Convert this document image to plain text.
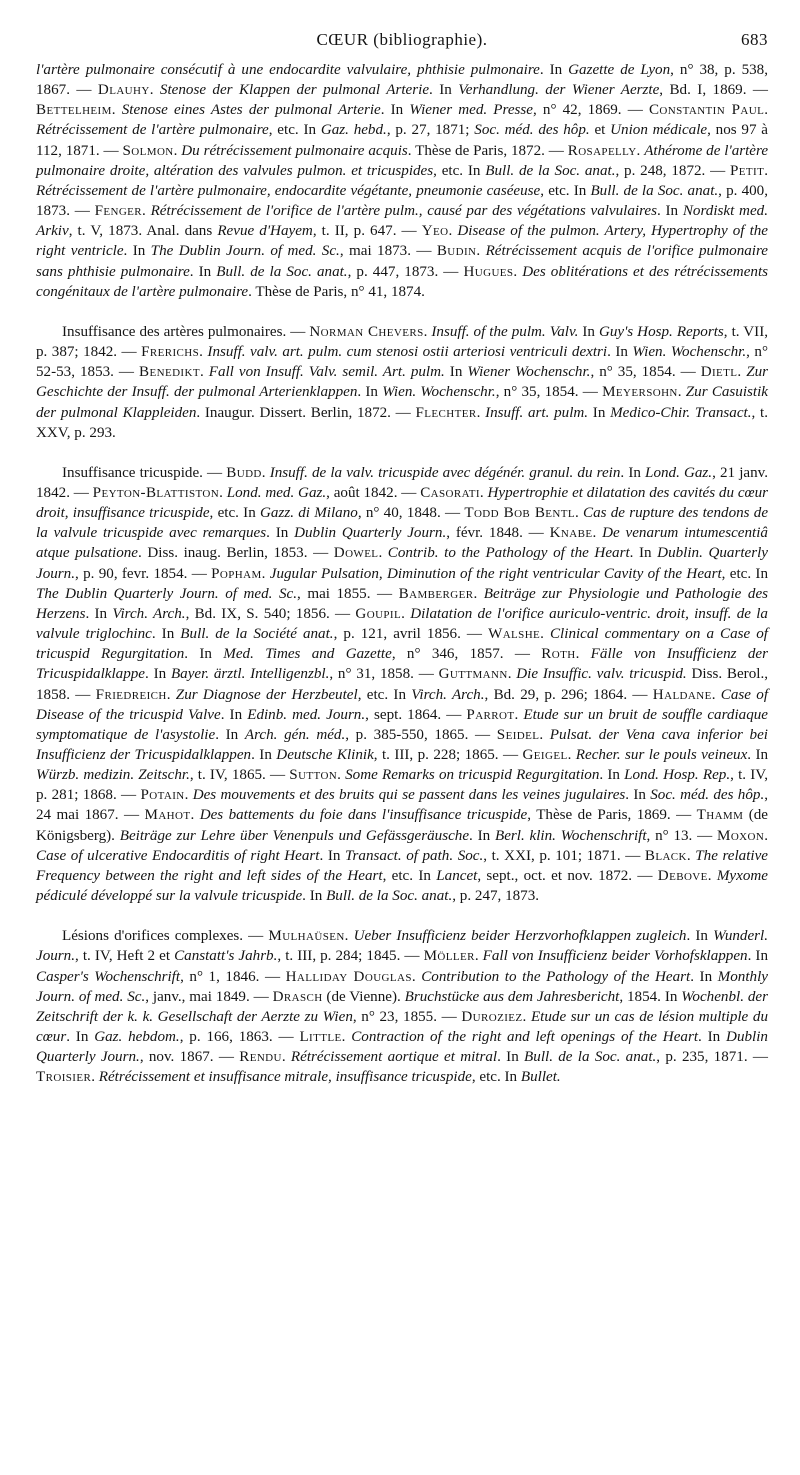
CŒUR (bibliographie).	683

l'artère pulmonaire consécutif à une endocardite valvulaire, phthisie pulmonaire. In Gazette de Lyon, n° 38, p. 538, 1867. — Dlauhy. Stenose der Klappen der pulmonal Arterie. In Verhandlung. der Wiener Aerzte, Bd. I, 1869. — Bettelheim. Stenose eines Astes der pulmonal Arterie. In Wiener med. Presse, n° 42, 1869. — Constantin Paul. Rétrécissement de l'artère pulmonaire, etc. In Gaz. hebd., p. 27, 1871; Soc. méd. des hôp. et Union médicale, nos 97 à 112, 1871. — Solmon. Du rétrécissement pulmonaire acquis. Thèse de Paris, 1872. — Rosapelly. Athérome de l'artère pulmonaire droite, altération des valvules pulmon. et tricuspides, etc. In Bull. de la Soc. anat., p. 248, 1872. — Petit. Rétrécissement de l'artère pulmonaire, endocardite végétante, pneumonie caséeuse, etc. In Bull. de la Soc. anat., p. 400, 1873. — Fenger. Rétrécissement de l'orifice de l'artère pulm., causé par des végétations valvulaires. In Nordiskt med. Arkiv, t. V, 1873. Anal. dans Revue d'Hayem, t. II, p. 647. — Yeo. Disease of the pulmon. Artery, Hypertrophy of the right ventricle. In The Dublin Journ. of med. Sc., mai 1873. — Budin. Rétrécissement acquis de l'orifice pulmonaire sans phthisie pulmonaire. In Bull. de la Soc. anat., p. 447, 1873. — Hugues. Des oblitérations et des rétrécissements congénitaux de l'artère pulmonaire. Thèse de Paris, n° 41, 1874.

Insuffisance des artères pulmonaires. — Norman Chevers. Insuff. of the pulm. Valv. In Guy's Hosp. Reports, t. VII, p. 387; 1842. — Frerichs. Insuff. valv. art. pulm. cum stenosi ostii arteriosi ventriculi dextri. In Wien. Wochenschr., n° 52-53, 1853. — Benedikt. Fall von Insuff. Valv. semil. Art. pulm. In Wiener Wochenschr., n° 35, 1854. — Dietl. Zur Geschichte der Insuff. der pulmonal Arterienklappen. In Wien. Wochenschr., n° 35, 1854. — Meyersohn. Zur Casuistik der pulmonal Klappleiden. Inaugur. Dissert. Berlin, 1872. — Flechter. Insuff. art. pulm. In Medico-Chir. Transact., t. XXV, p. 293.

Insuffisance tricuspide. — Budd. Insuff. de la valv. tricuspide avec dégénér. granul. du rein. In Lond. Gaz., 21 janv. 1842. — Peyton-Blattiston. Lond. med. Gaz., août 1842. — Casorati. Hypertrophie et dilatation des cavités du cœur droit, insuffisance tricuspide, etc. In Gazz. di Milano, n° 40, 1848. — Todd Bob Bentl. Cas de rupture des tendons de la valvule tricuspide avec remarques. In Dublin Quarterly Journ., févr. 1848. — Knabe. De venarum intumescentiâ atque pulsatione. Diss. inaug. Berlin, 1853. — Dowel. Contrib. to the Pathology of the Heart. In Dublin. Quarterly Journ., p. 90, fevr. 1854. — Popham. Jugular Pulsation, Diminution of the right ventricular Cavity of the Heart, etc. In The Dublin Quarterly Journ. of med. Sc., mai 1855. — Bamberger. Beiträge zur Physiologie und Pathologie des Herzens. In Virch. Arch., Bd. IX, S. 540; 1856. — Goupil. Dilatation de l'orifice auriculo-ventric. droit, insuff. de la valvule triglochinc. In Bull. de la Société anat., p. 121, avril 1856. — Walshe. Clinical commentary on a Case of tricuspid Regurgitation. In Med. Times and Gazette, n° 346, 1857. — Roth. Fälle von Insufficienz der Tricuspidalklappe. In Bayer. ärztl. Intelligenzbl., n° 31, 1858. — Guttmann. Die Insuffic. valv. tricuspid. Diss. Berol., 1858. — Friedreich. Zur Diagnose der Herzbeutel, etc. In Virch. Arch., Bd. 29, p. 296; 1864. — Haldane. Case of Disease of the tricuspid Valve. In Edinb. med. Journ., sept. 1864. — Parrot. Etude sur un bruit de souffle cardiaque symptomatique de l'asystolie. In Arch. gén. méd., p. 385-550, 1865. — Seidel. Pulsat. der Vena cava inferior bei Insufficienz der Tricuspidalklappen. In Deutsche Klinik, t. III, p. 228; 1865. — Geigel. Recher. sur le pouls veineux. In Würzb. medizin. Zeitschr., t. IV, 1865. — Sutton. Some Remarks on tricuspid Regurgitation. In Lond. Hosp. Rep., t. IV, p. 281; 1868. — Potain. Des mouvements et des bruits qui se passent dans les veines jugulaires. In Soc. méd. des hôp., 24 mai 1867. — Mahot. Des battements du foie dans l'insuffisance tricuspide, Thèse de Paris, 1869. — Thamm (de Königsberg). Beiträge zur Lehre über Venenpuls und Gefässgeräusche. In Berl. klin. Wochenschrift, n° 13. — Moxon. Case of ulcerative Endocarditis of right Heart. In Transact. of path. Soc., t. XXI, p. 101; 1871. — Black. The relative Frequency between the right and left sides of the Heart, etc. In Lancet, sept., oct. et nov. 1872. — Debove. Myxome pédiculé développé sur la valvule tricuspide. In Bull. de la Soc. anat., p. 247, 1873.

Lésions d'orifices complexes. — Mulhaüsen. Ueber Insufficienz beider Herzvorhofklappen zugleich. In Wunderl. Journ., t. IV, Heft 2 et Canstatt's Jahrb., t. III, p. 284; 1845. — Möller. Fall von Insufficienz beider Vorhofsklappen. In Casper's Wochenschrift, n° 1, 1846. — Halliday Douglas. Contribution to the Pathology of the Heart. In Monthly Journ. of med. Sc., janv., mai 1849. — Drasch (de Vienne). Bruchstücke aus dem Jahresbericht, 1854. In Wochenbl. der Zeitschrift der k. k. Gesellschaft der Aerzte zu Wien, n° 23, 1855. — Duroziez. Etude sur un cas de lésion multiple du cœur. In Gaz. hebdom., p. 166, 1863. — Little. Contraction of the right and left openings of the Heart. In Dublin Quarterly Journ., nov. 1867. — Rendu. Rétrécissement aortique et mitral. In Bull. de la Soc. anat., p. 235, 1871. — Troisier. Rétrécissement et insuffisance mitrale, insuffisance tricuspide, etc. In Bullet.
